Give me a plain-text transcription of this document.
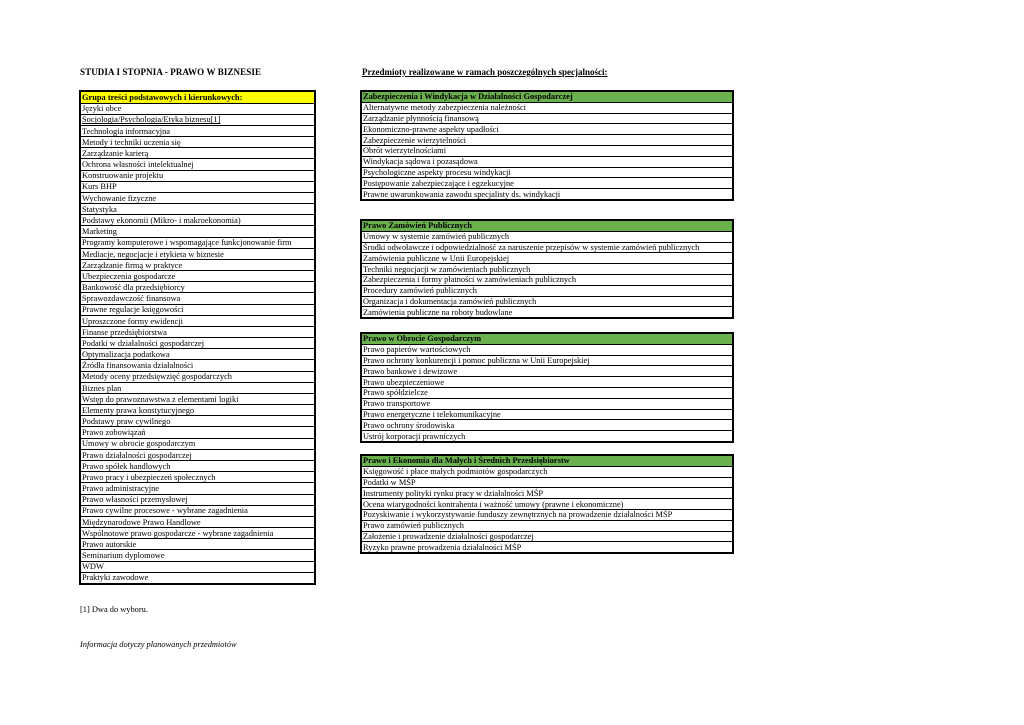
STUDIA I STOPNIA - PRAWO W BIZNESIE	Przedmioty realizowane w ramach poszczególnych specjalności:
Grupa treści podstawowych i kierunkowych:
Języki obce
Socjologia/Psychologia/Etyka biznesu[1]
Technologia informacyjna
Metody i techniki uczenia się
Zarządzanie karierą
Ochrona własności intelektualnej
Konstruowanie projektu
Kurs BHP
Wychowanie fizyczne
Statystyka
Podstawy ekonomii (Mikro- i makroekonomia)
Marketing
Programy komputerowe i wspomagające funkcjonowanie firm
Mediacje, negocjacje i etykieta w biznesie
Zarządzanie firmą w praktyce
Ubezpieczenia gospodarcze
Bankowość dla przedsiębiorcy
Sprawozdawczość finansowa
Prawne regulacje księgowości
Uproszczone formy ewidencji
Finanse przedsiębiorstwa
Podatki w działalności gospodarczej
Optymalizacja podatkowa
Źródła finansowania działalności
Metody oceny przedsięwzięć gospodarczych
Biznes plan
Wstęp do prawoznawstwa z elementami logiki
Elementy prawa konstytucyjnego
Podstawy praw cywilnego
Prawo zobowiązań
Umowy w obrocie gospodarczym
Prawo działalności gospodarczej
Prawo spółek handlowych
Prawo pracy i ubezpieczeń społecznych
Prawo administracyjne
Prawo własności przemysłowej
Prawo cywilne procesowe - wybrane zagadnienia
Międzynarodowe Prawo Handlowe
Wspólnotowe prawo gospodarcze - wybrane zagadnienia
Prawo autorskie
Seminarium dyplomowe
WDW
Praktyki zawodowe
Zabezpieczenia i Windykacja w Działalności Gospodarczej
Alternatywne metody zabezpieczenia należności
Zarządzanie płynnością finansową
Ekonomiczno-prawne aspekty upadłości
Zabezpieczenie wierzytelności
Obrót wierzytelnościami
Windykacja sądowa i pozasądowa
Psychologiczne aspekty procesu windykacji
Postępowanie zabezpieczające i egzekucyjne
Prawne uwarunkowania zawodu specjalisty ds. windykacji
Prawo Zamówień Publicznych
Umowy w systemie zamówień publicznych
Środki odwoławcze i odpowiedzialność za naruszenie przepisów w systemie zamówień publicznych
Zamówienia publiczne w Unii Europejskiej
Techniki negocjacji w zamówieniach publicznych
Zabezpieczenia i formy płatności w zamówieniach publicznych
Procedury zamówień publicznych
Organizacja i dokumentacja zamówień publicznych
Zamówienia publiczne na roboty budowlane
Prawo w Obrocie Gospodarczym
Prawo papierów wartościowych
Prawo ochrony konkurencji i pomoc publiczna w Unii Europejskiej
Prawo bankowe i dewizowe
Prawo ubezpieczeniowe
Prawo spółdzielcze
Prawo transportowe
Prawo energetyczne i telekomunikacyjne
Prawo ochrony środowiska
Ustrój korporacji prawniczych
Prawo i Ekonomia dla Małych i Średnich Przedsiębiorstw
Księgowość i płace małych podmiotów gospodarczych
Podatki w MŚP
Instrumenty polityki rynku pracy w działalności MŚP
Ocena wiarygodności kontrahenta i ważność umowy (prawne i ekonomiczne)
Pozyskiwanie i wykorzystywanie funduszy zewnętrznych na prowadzenie działalności MŚP
Prawo zamówień publicznych
Założenie i prowadzenie działalności gospodarczej
Ryzyko prawne prowadzenia działalności MŚP
[1] Dwa do wyboru.
Informacja dotyczy planowanych przedmiotów
